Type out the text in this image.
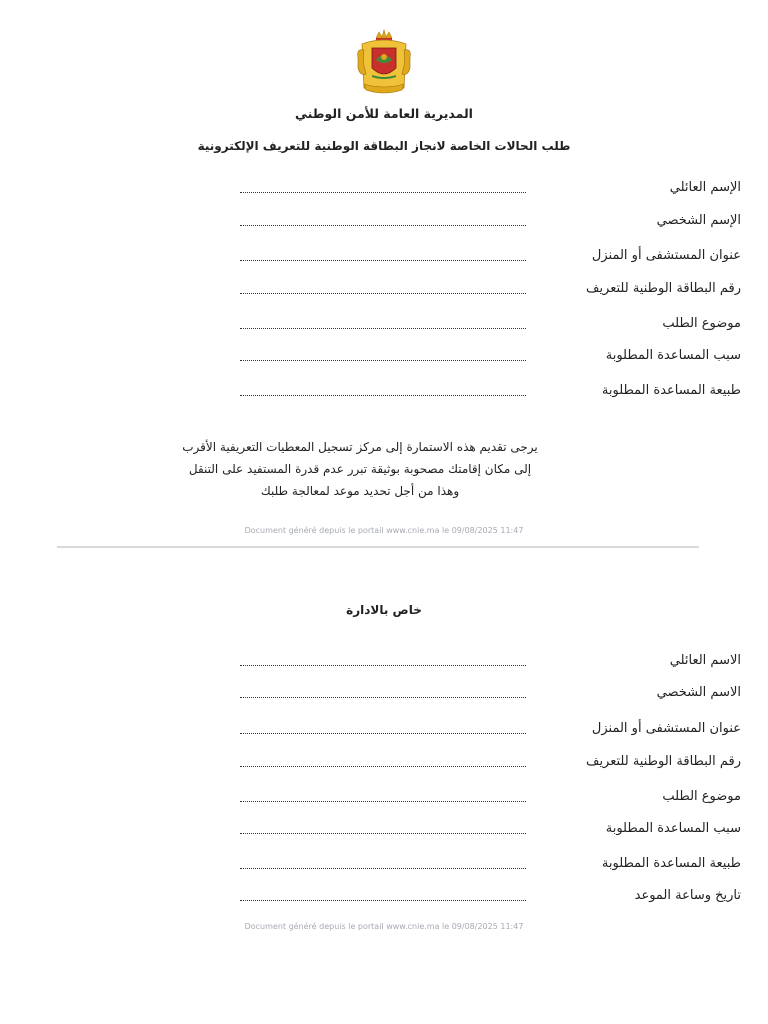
المديرية العامة للأمن الوطني
طلب الحالات الخاصة لانجاز البطاقة الوطنية للتعريف الإلكترونية
الإسم العائلي
الإسم الشخصي
عنوان المستشفى أو المنزل
رقم البطاقة الوطنية للتعريف
موضوع الطلب
سبب المساعدة المطلوبة
طبيعة المساعدة المطلوبة
يرجى تقديم هذه الاستمارة إلى مركز تسجيل المعطيات التعريفية الأقرب
إلى مكان إقامتك مصحوبة بوثيقة تبرر عدم قدرة المستفيد على التنقل
وهذا من أجل تحديد موعد لمعالجة طلبك
Document généré depuis le portail www.cnie.ma le 09/08/2025 11:47
خاص بالادارة
الاسم العائلي
الاسم الشخصي
عنوان المستشفى أو المنزل
رقم البطاقة الوطنية للتعريف
موضوع الطلب
سبب المساعدة المطلوبة
طبيعة المساعدة المطلوبة
تاريخ وساعة الموعد
Document généré depuis le portail www.cnie.ma le 09/08/2025 11:47
